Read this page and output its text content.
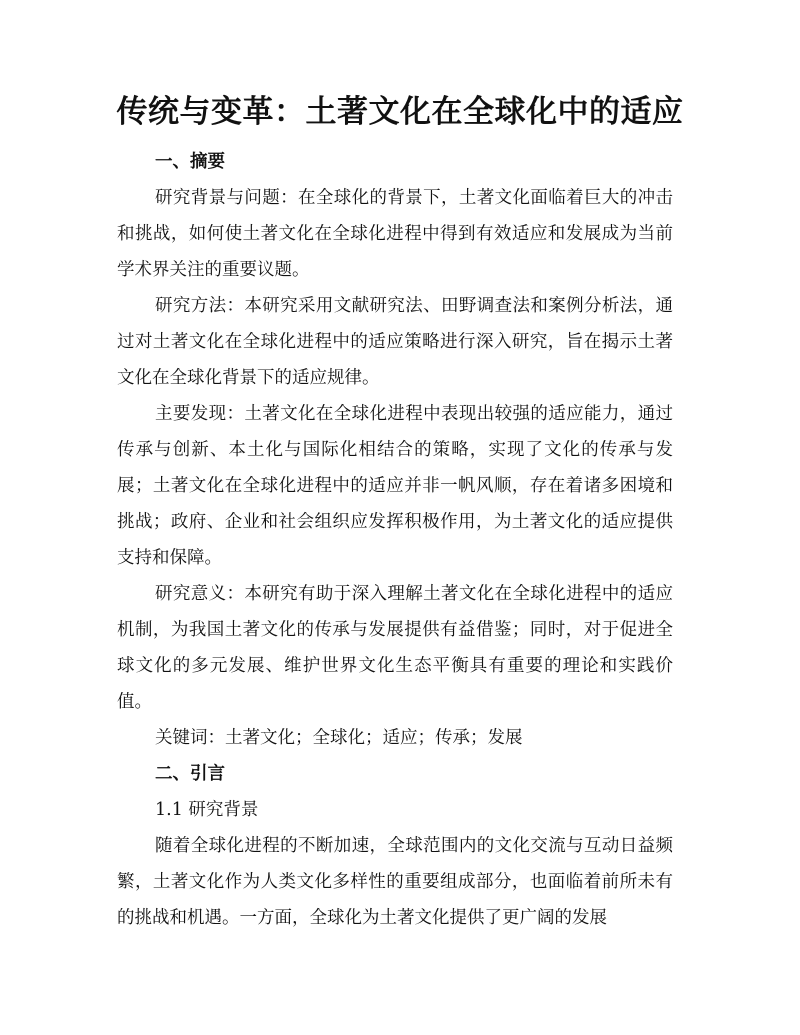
传统与变革：土著文化在全球化中的适应

一、摘要

研究背景与问题：在全球化的背景下，土著文化面临着巨大的冲击和挑战，如何使土著文化在全球化进程中得到有效适应和发展成为当前学术界关注的重要议题。

研究方法：本研究采用文献研究法、田野调查法和案例分析法，通过对土著文化在全球化进程中的适应策略进行深入研究，旨在揭示土著文化在全球化背景下的适应规律。

主要发现：土著文化在全球化进程中表现出较强的适应能力，通过传承与创新、本土化与国际化相结合的策略，实现了文化的传承与发展；土著文化在全球化进程中的适应并非一帆风顺，存在着诸多困境和挑战；政府、企业和社会组织应发挥积极作用，为土著文化的适应提供支持和保障。

研究意义：本研究有助于深入理解土著文化在全球化进程中的适应机制，为我国土著文化的传承与发展提供有益借鉴；同时，对于促进全球文化的多元发展、维护世界文化生态平衡具有重要的理论和实践价值。

关键词：土著文化；全球化；适应；传承；发展

二、引言

1.1 研究背景

随着全球化进程的不断加速，全球范围内的文化交流与互动日益频繁，土著文化作为人类文化多样性的重要组成部分，也面临着前所未有的挑战和机遇。一方面，全球化为土著文化提供了更广阔的发展
